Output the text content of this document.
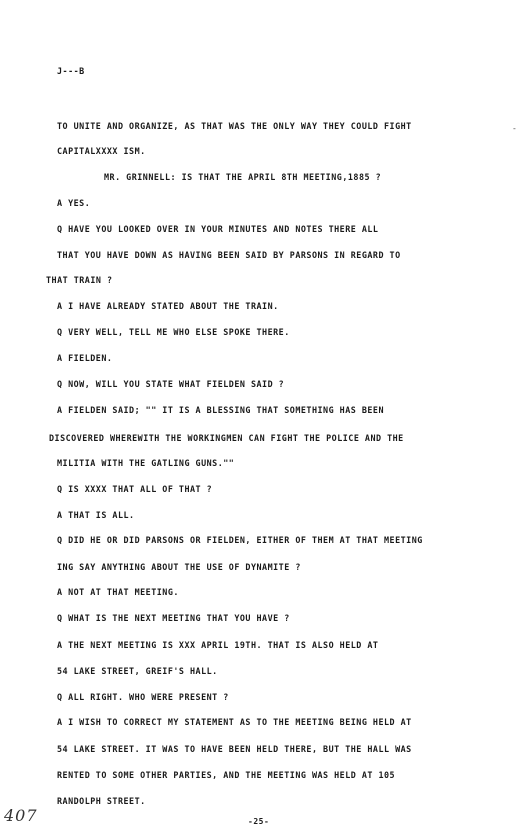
J---B
TO UNITE AND ORGANIZE, AS THAT WAS THE ONLY WAY THEY COULD FIGHT
CAPITALXXXX ISM.
MR. GRINNELL: IS THAT THE APRIL 8TH MEETING,1885 ?
A YES.
Q HAVE YOU LOOKED OVER IN YOUR MINUTES AND NOTES THERE ALL
THAT YOU HAVE DOWN AS HAVING BEEN SAID BY PARSONS IN REGARD TO
THAT TRAIN ?
A I HAVE ALREADY STATED ABOUT THE TRAIN.
Q VERY WELL, TELL ME WHO ELSE SPOKE THERE.
A FIELDEN.
Q NOW, WILL YOU STATE WHAT FIELDEN SAID ?
A FIELDEN SAID; "" IT IS A BLESSING THAT SOMETHING HAS BEEN
DISCOVERED WHEREWITH THE WORKINGMEN CAN FIGHT THE POLICE AND THE
MILITIA WITH THE GATLING GUNS.""
Q IS XXXX THAT ALL OF THAT ?
A THAT IS ALL.
Q DID HE OR DID PARSONS OR FIELDEN, EITHER OF THEM AT THAT MEETING
ING SAY ANYTHING ABOUT THE USE OF DYNAMITE ?
A NOT AT THAT MEETING.
Q WHAT IS THE NEXT MEETING THAT YOU HAVE ?
A THE NEXT MEETING IS XXX APRIL 19TH. THAT IS ALSO HELD AT
54 LAKE STREET, GREIF'S HALL.
Q ALL RIGHT. WHO WERE PRESENT ?
A I WISH TO CORRECT MY STATEMENT AS TO THE MEETING BEING HELD AT
54 LAKE STREET. IT WAS TO HAVE BEEN HELD THERE, BUT THE HALL WAS
RENTED TO SOME OTHER PARTIES, AND THE MEETING WAS HELD AT 105
RANDOLPH STREET.
407	-25-
-
